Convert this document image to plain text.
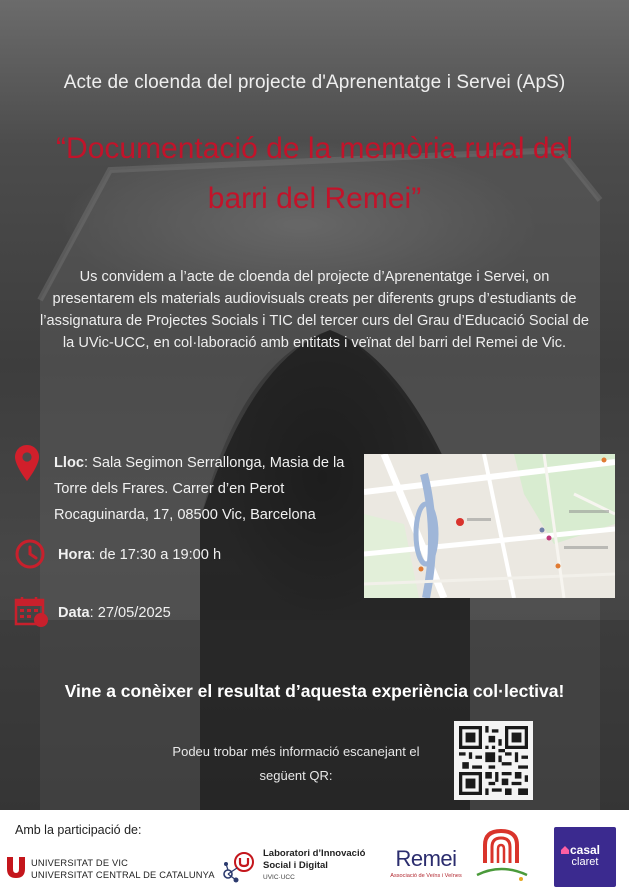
Acte de cloenda del projecte d'Aprenentatge i Servei (ApS)
“Documentació de la memòria rural del
barri del Remei”

Us convidem a l’acte de cloenda del projecte d’Aprenentatge i Servei, on
presentarem els materials audiovisuals creats per diferents grups d’estudiants de
l’assignatura de Projectes Socials i TIC del tercer curs del Grau d’Educació Social de
la UVic-UCC, en col·laboració amb entitats i veïnat del barri del Remei de Vic.

Lloc: Sala Segimon Serrallonga, Masia de la
Torre dels Frares. Carrer d’en Perot
Rocaguinarda, 17, 08500 Vic, Barcelona
Hora: de 17:30 a 19:00 h
Data: 27/05/2025
Vine a conèixer el resultat d’aquesta experiència col·lectiva!
Podeu trobar més informació escanejant el
següent QR:
Amb la participació de:
UNIVERSITAT DE VIC
UNIVERSITAT CENTRAL DE CATALUNYA
Laboratori d’Innovació
Social i Digital
UVIC·UCC
Remei
Associació de Veïns i Veïnes
casal
claret
